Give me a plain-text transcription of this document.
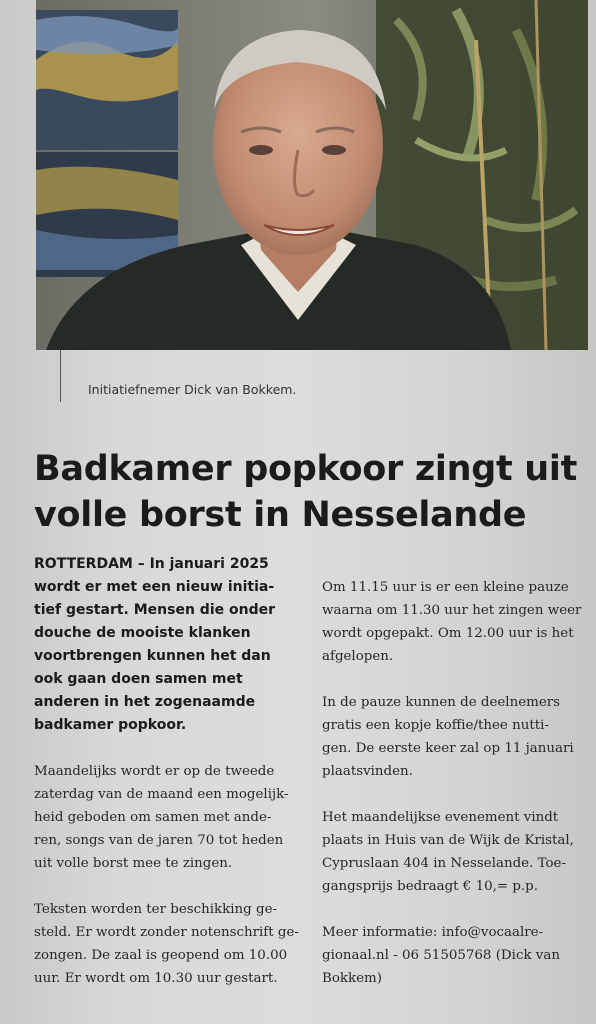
Initiatiefnemer Dick van Bokkem.
Badkamer popkoor zingt uit
volle borst in Nesselande
ROTTERDAM – In januari 2025
wordt er met een nieuw initia-
tief gestart. Mensen die onder
douche de mooiste klanken
voortbrengen kunnen het dan
ook gaan doen samen met
anderen in het zogenaamde
badkamer popkoor.
Maandelijks wordt er op de tweede
zaterdag van de maand een mogelijk-
heid geboden om samen met ande-
ren, songs van de jaren 70 tot heden
uit volle borst mee te zingen.
Teksten worden ter beschikking ge-
steld. Er wordt zonder notenschrift ge-
zongen. De zaal is geopend om 10.00
uur. Er wordt om 10.30 uur gestart.
Om 11.15 uur is er een kleine pauze
waarna om 11.30 uur het zingen weer
wordt opgepakt. Om 12.00 uur is het
afgelopen.
In de pauze kunnen de deelnemers
gratis een kopje koffie/thee nutti-
gen. De eerste keer zal op 11 januari
plaatsvinden.
Het maandelijkse evenement vindt
plaats in Huis van de Wijk de Kristal,
Cypruslaan 404 in Nesselande. Toe-
gangsprijs bedraagt € 10,= p.p.
Meer informatie: info@vocaalre-
gionaal.nl - 06 51505768 (Dick van
Bokkem)
